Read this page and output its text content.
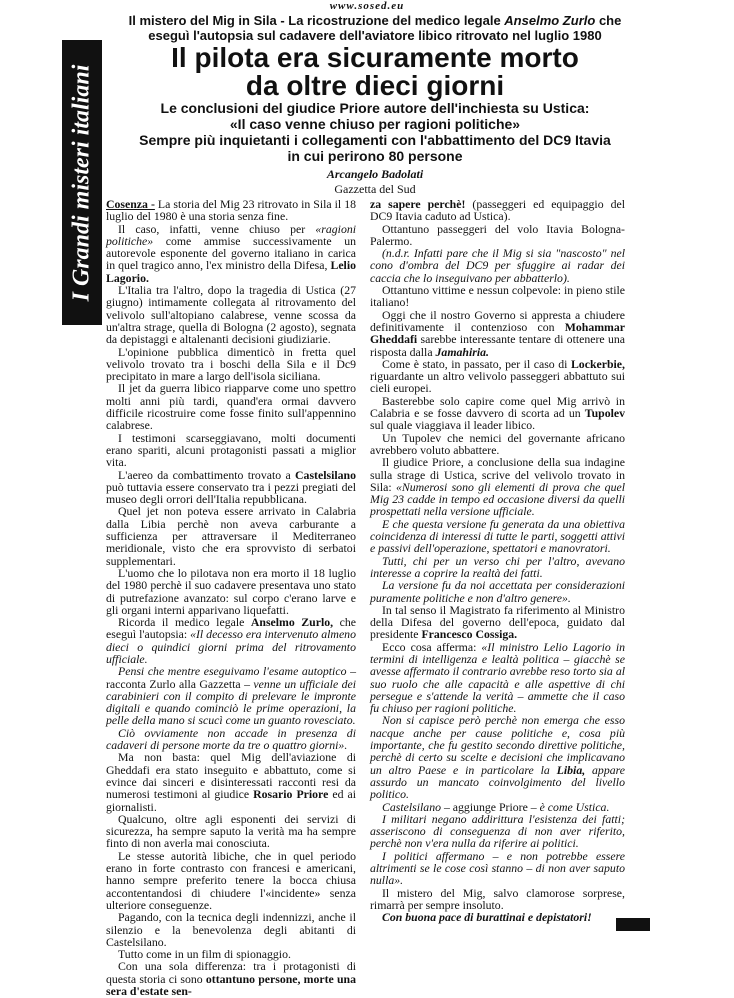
www.sosed.eu
I Grandi misteri italiani
Il mistero del Mig in Sila - La ricostruzione del medico legale Anselmo Zurlo che
eseguì l'autopsia sul cadavere dell'aviatore libico ritrovato nel luglio 1980
Il pilota era sicuramente morto
da oltre dieci giorni
Le conclusioni del giudice Priore autore dell'inchiesta su Ustica:
«Il caso venne chiuso per ragioni politiche»
Sempre più inquietanti i collegamenti con l'abbattimento del DC9 Itavia
in cui perirono 80 persone
Arcangelo Badolati
Gazzetta del Sud

Cosenza - La storia del Mig 23 ritrovato in Sila il 18 luglio del 1980 è una storia senza fine.

Il caso, infatti, venne chiuso per «ragioni politiche» come ammise successivamente un autorevole esponente del governo italiano in carica in quel tragico anno, l'ex ministro della Difesa, Lelio Lagorio.

L'Italia tra l'altro, dopo la tragedia di Ustica (27 giugno) intimamente collegata al ritrovamento del velivolo sull'altopiano calabrese, venne scossa da un'altra strage, quella di Bologna (2 agosto), segnata da depistaggi e altalenanti decisioni giudiziarie.

L'opinione pubblica dimenticò in fretta quel velivolo trovato tra i boschi della Sila e il Dc9 precipitato in mare a largo dell'isola siciliana.

Il jet da guerra libico riapparve come uno spettro molti anni più tardi, quand'era ormai davvero difficile ricostruire come fosse finito sull'appennino calabrese.

I testimoni scarseggiavano, molti documenti erano spariti, alcuni protagonisti passati a miglior vita.

L'aereo da combattimento trovato a Castelsilano può tuttavia essere conservato tra i pezzi pregiati del museo degli orrori dell'Italia repubblicana.

Quel jet non poteva essere arrivato in Calabria dalla Libia perchè non aveva carburante a sufficienza per attraversare il Mediterraneo meridionale, visto che era sprovvisto di serbatoi supplementari.

L'uomo che lo pilotava non era morto il 18 luglio del 1980 perchè il suo cadavere presentava uno stato di putrefazione avanzato: sul corpo c'erano larve e gli organi interni apparivano liquefatti.

Ricorda il medico legale Anselmo Zurlo, che eseguì l'autopsia: «Il decesso era intervenuto almeno dieci o quindici giorni prima del ritrovamento ufficiale.

Pensi che mentre eseguivamo l'esame autoptico – racconta Zurlo alla Gazzetta – venne un ufficiale dei carabinieri con il compito di prelevare le impronte digitali e quando cominciò le prime operazioni, la pelle della mano si scucì come un guanto rovesciato.

Ciò ovviamente non accade in presenza di cadaveri di persone morte da tre o quattro giorni».

Ma non basta: quel Mig dell'aviazione di Gheddafi era stato inseguito e abbattuto, come si evince dai sinceri e disinteressati racconti resi da numerosi testimoni al giudice Rosario Priore ed ai giornalisti.

Qualcuno, oltre agli esponenti dei servizi di sicurezza, ha sempre saputo la verità ma ha sempre finto di non averla mai conosciuta.

Le stesse autorità libiche, che in quel periodo erano in forte contrasto con francesi e americani, hanno sempre preferito tenere la bocca chiusa accontentandosi di chiudere l'«incidente» senza ulteriore conseguenze.

Pagando, con la tecnica degli indennizzi, anche il silenzio e la benevolenza degli abitanti di Castelsilano.

Tutto come in un film di spionaggio.

Con una sola differenza: tra i protagonisti di questa storia ci sono ottantuno persone, morte una sera d'estate sen-

za sapere perchè! (passeggeri ed equipaggio del DC9 Itavia caduto ad Ustica).

Ottantuno passeggeri del volo Itavia Bologna-Palermo.

(n.d.r. Infatti pare che il Mig si sia "nascosto" nel cono d'ombra del DC9 per sfuggire ai radar dei caccia che lo inseguivano per abbatterlo).

Ottantuno vittime e nessun colpevole: in pieno stile italiano!

Oggi che il nostro Governo si appresta a chiudere definitivamente il contenzioso con Mohammar Gheddafi sarebbe interessante tentare di ottenere una risposta dalla Jamahiria.

Come è stato, in passato, per il caso di Lockerbie, riguardante un altro velivolo passeggeri abbattuto sui cieli europei.

Basterebbe solo capire come quel Mig arrivò in Calabria e se fosse davvero di scorta ad un Tupolev sul quale viaggiava il leader libico.

Un Tupolev che nemici del governante africano avrebbero voluto abbattere.

Il giudice Priore, a conclusione della sua indagine sulla strage di Ustica, scrive del velivolo trovato in Sila: «Numerosi sono gli elementi di prova che quel Mig 23 cadde in tempo ed occasione diversi da quelli prospettati nella versione ufficiale.

E che questa versione fu generata da una obiettiva coincidenza di interessi di tutte le parti, soggetti attivi e passivi dell'operazione, spettatori e manovratori.

Tutti, chi per un verso chi per l'altro, avevano interesse a coprire la realtà dei fatti.

La versione fu da noi accettata per considerazioni puramente politiche e non d'altro genere».

In tal senso il Magistrato fa riferimento al Ministro della Difesa del governo dell'epoca, guidato dal presidente Francesco Cossiga.

Ecco cosa afferma: «Il ministro Lelio Lagorio in termini di intelligenza e lealtà politica – giacchè se avesse affermato il contrario avrebbe reso torto sia al suo ruolo che alle capacità e alle aspettive di chi persegue e s'attende la verità – ammette che il caso fu chiuso per ragioni politiche.

Non si capisce però perchè non emerga che esso nacque anche per cause politiche e, cosa più importante, che fu gestito secondo direttive politiche, perchè di certo su scelte e decisioni che implicavano un altro Paese e in particolare la Libia, appare assurdo un mancato coinvolgimento del livello politico.

Castelsilano – aggiunge Priore – è come Ustica.

I militari negano addirittura l'esistenza dei fatti; asseriscono di conseguenza di non aver riferito, perchè non v'era nulla da riferire ai politici.

I politici affermano – e non potrebbe essere altrimenti se le cose così stanno – di non aver saputo nulla».

Il mistero del Mig, salvo clamorose sorprese, rimarrà per sempre insoluto.

Con buona pace di burattinai e depistatori!
